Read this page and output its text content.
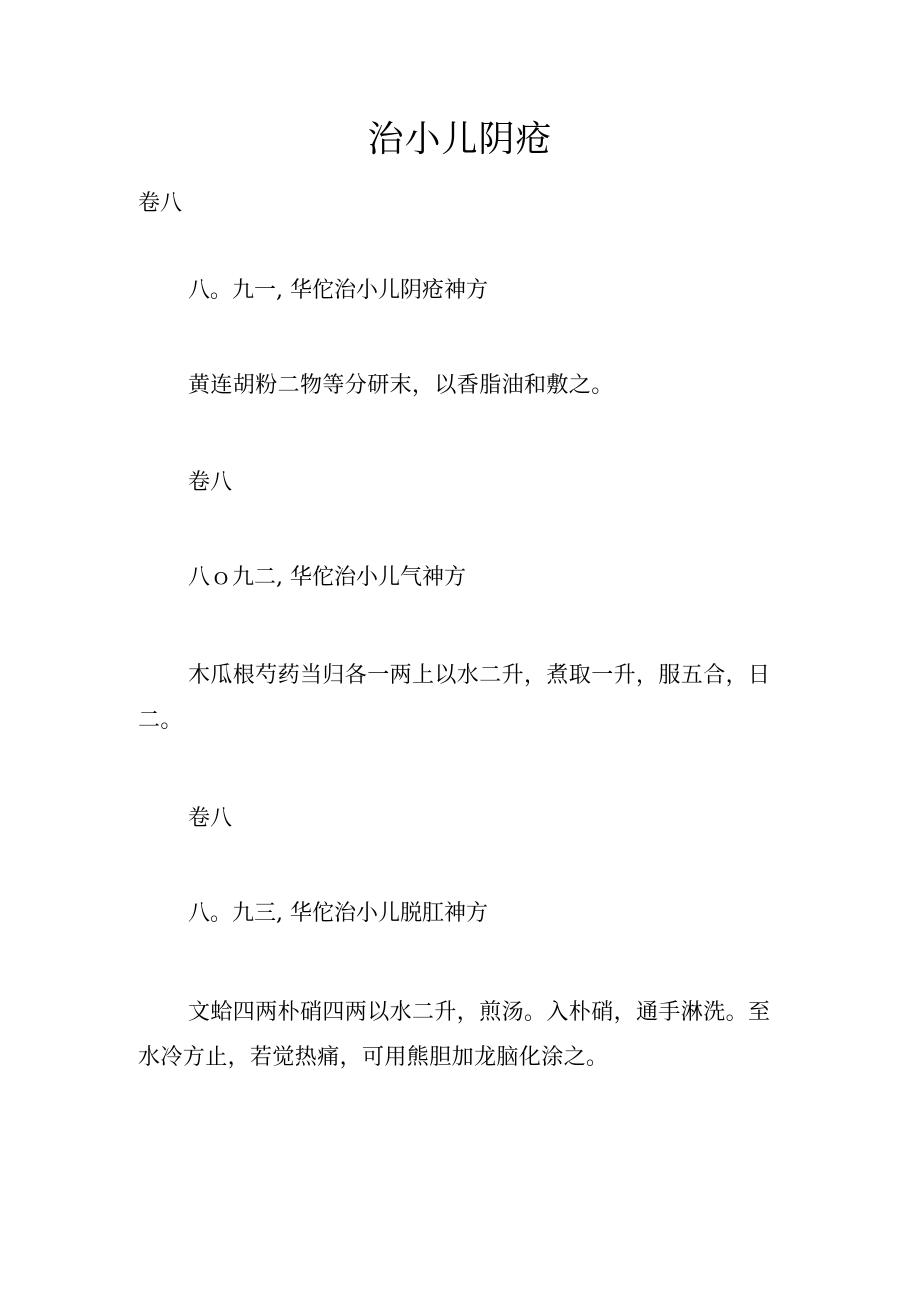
治小儿阴疮

卷八

八。九一, 华佗治小儿阴疮神方

黄连胡粉二物等分研末，以香脂油和敷之。

卷八

八ｏ九二, 华佗治小儿气神方

木瓜根芍药当归各一两上以水二升，煮取一升，服五合，日二。

卷八

八。九三, 华佗治小儿脱肛神方

文蛤四两朴硝四两以水二升，煎汤。入朴硝，通手淋洗。至水冷方止，若觉热痛，可用熊胆加龙脑化涂之。
